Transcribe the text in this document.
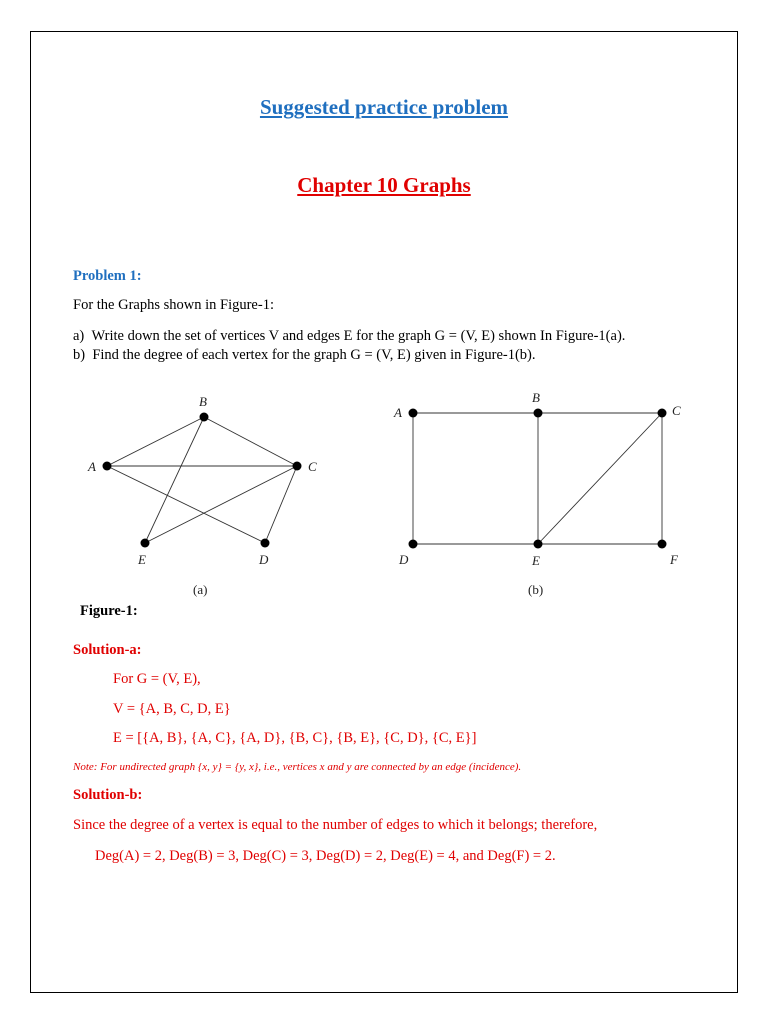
Suggested practice problem
Chapter 10 Graphs
Problem 1:
For the Graphs shown in Figure-1:
a)  Write down the set of vertices V and edges E for the graph G = (V, E) shown In Figure-1(a).
b)  Find the degree of each vertex for the graph G = (V, E) given in Figure-1(b).
A
B
C
D
E
(a)
A
B
C
D	E	F
(b)
Figure-1:
Solution-a:
For G = (V, E),
V = {A, B, C, D, E}
E = [{A, B}, {A, C}, {A, D}, {B, C}, {B, E}, {C, D}, {C, E}]
Note: For undirected graph {x, y} = {y, x}, i.e., vertices x and y are connected by an edge (incidence).
Solution-b:
Since the degree of a vertex is equal to the number of edges to which it belongs; therefore,
Deg(A) = 2, Deg(B) = 3, Deg(C) = 3, Deg(D) = 2, Deg(E) = 4, and Deg(F) = 2.
